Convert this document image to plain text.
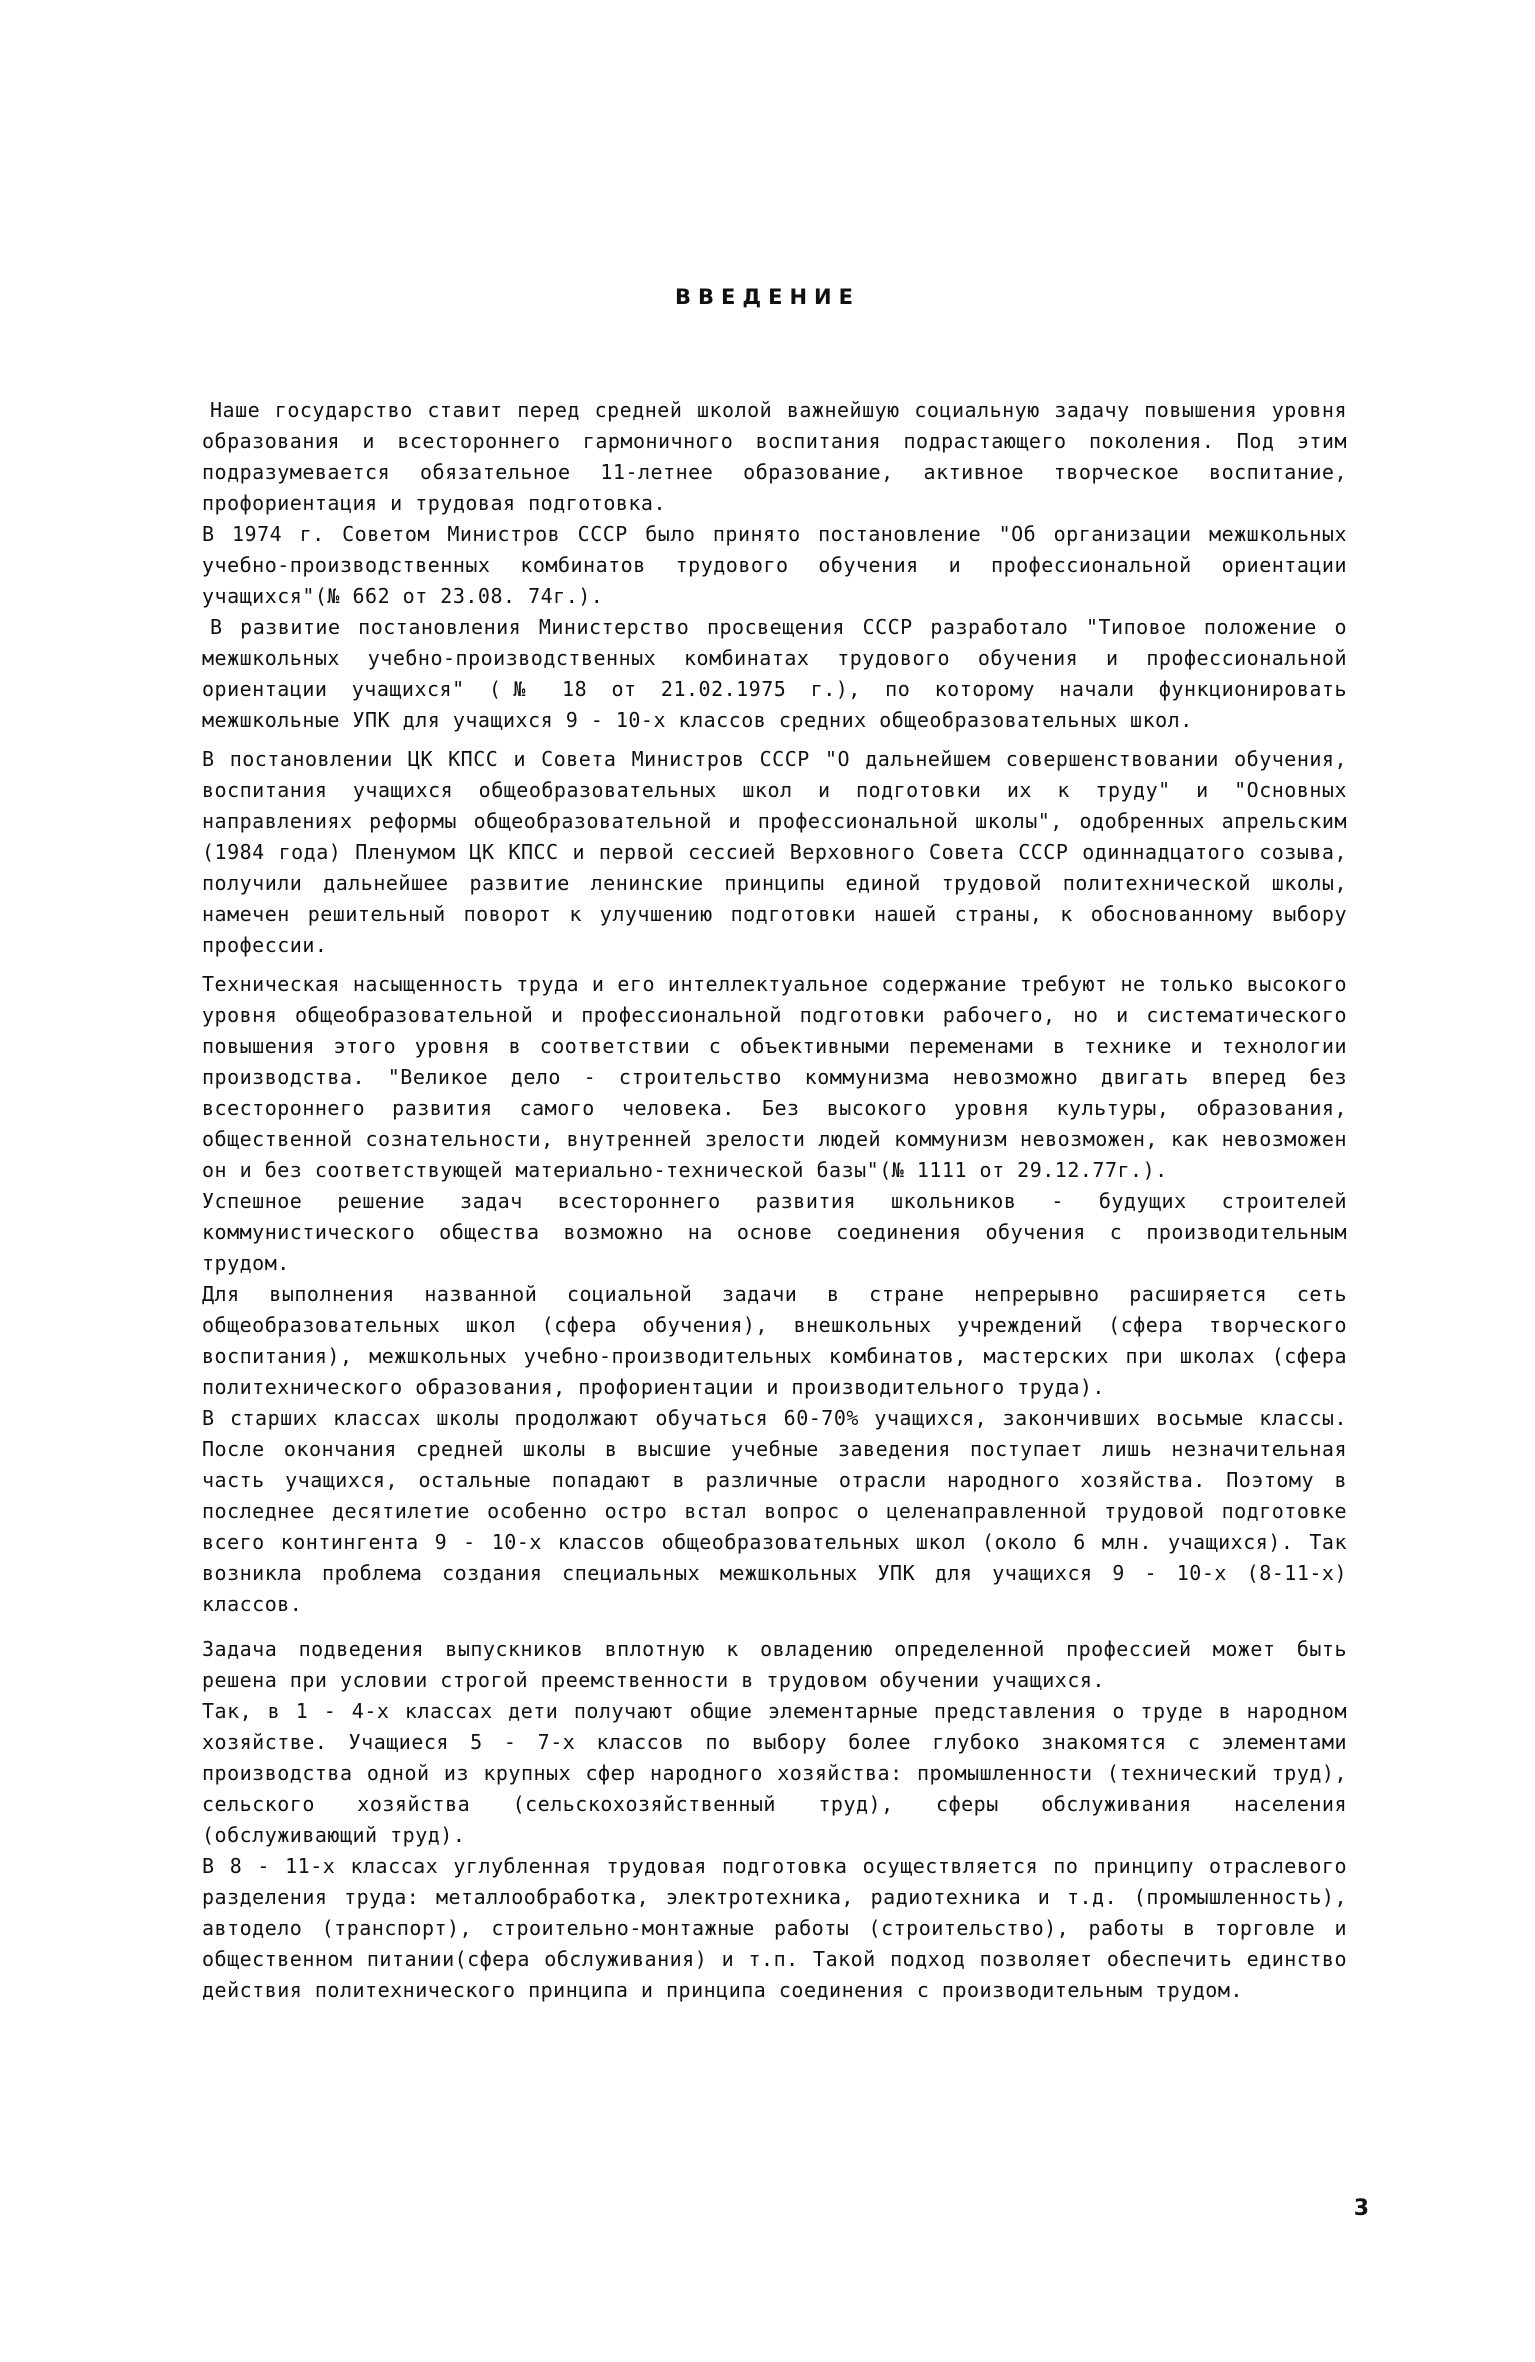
ВВЕДЕНИЕ

Наше государство ставит перед средней школой важнейшую социальную задачу повышения уровня образования и всестороннего гармоничного воспитания подрастающего поколения. Под этим подразумевается обязательное 11-летнее образование, активное творческое воспитание, профориентация и трудовая подготовка.

В 1974 г. Советом Министров СССР было принято постановление "Об организации межшкольных учебно-производственных комбинатов трудового обучения и профессиональной ориентации учащихся"(№ 662 от 23.08. 74г.).

В развитие постановления Министерство просвещения СССР разработало "Типовое положение о межшкольных учебно-производственных комбинатах трудового обучения и профессиональной ориентации учащихся" (№ 18 от 21.02.1975 г.), по которому начали функционировать межшкольные УПК для учащихся 9 - 10-х классов средних общеобразовательных школ.

В постановлении ЦК КПСС и Совета Министров СССР "О дальнейшем совершенствовании обучения, воспитания учащихся общеобразовательных школ и подготовки их к труду" и "Основных направлениях реформы общеобразовательной и профессиональной школы", одобренных апрельским (1984 года) Пленумом ЦК КПСС и первой сессией Верховного Совета СССР одиннадцатого созыва, получили дальнейшее развитие ленинские принципы единой трудовой политехнической школы, намечен решительный поворот к улучшению подготовки нашей страны, к обоснованному выбору профессии.

Техническая насыщенность труда и его интеллектуальное содержание требуют не только высокого уровня общеобразовательной и профессиональной подготовки рабочего, но и систематического повышения этого уровня в соответствии с объективными переменами в технике и технологии производства. "Великое дело - строительство коммунизма невозможно двигать вперед без всестороннего развития самого человека. Без высокого уровня культуры, образования, общественной сознательности, внутренней зрелости людей коммунизм невозможен, как невозможен он и без соответствующей материально-технической базы"(№ 1111 от 29.12.77г.).

Успешное решение задач всестороннего развития школьников - будущих строителей коммунистического общества возможно на основе соединения обучения с производительным трудом.

Для выполнения названной социальной задачи в стране непрерывно расширяется сеть общеобразовательных школ (сфера обучения), внешкольных учреждений (сфера творческого воспитания), межшкольных учебно-производительных комбинатов, мастерских при школах (сфера политехнического образования, профориентации и производительного труда).

В старших классах школы продолжают обучаться 60-70% учащихся, закончивших восьмые классы. После окончания средней школы в высшие учебные заведения поступает лишь незначительная часть учащихся, остальные попадают в различные отрасли народного хозяйства. Поэтому в последнее десятилетие особенно остро встал вопрос о целенаправленной трудовой подготовке всего контингента 9 - 10-х классов общеобразовательных школ (около 6 млн. учащихся). Так возникла проблема создания специальных межшкольных УПК для учащихся 9 - 10-х (8-11-х) классов.

Задача подведения выпускников вплотную к овладению определенной профессией может быть решена при условии строгой преемственности в трудовом обучении учащихся.

Так, в 1 - 4-х классах дети получают общие элементарные представления о труде в народном хозяйстве. Учащиеся 5 - 7-х классов по выбору более глубоко знакомятся с элементами производства одной из крупных сфер народного хозяйства: промышленности (технический труд), сельского хозяйства (сельскохозяйственный труд), сферы обслуживания населения (обслуживающий труд).

В 8 - 11-х классах углубленная трудовая подготовка осуществляется по принципу отраслевого разделения труда: металлообработка, электротехника, радиотехника и т.д. (промышленность), автодело (транспорт), строительно-монтажные работы (строительство), работы в торговле и общественном питании(сфера обслуживания) и т.п. Такой подход позволяет обеспечить единство действия политехнического принципа и принципа соединения с производительным трудом.

3
